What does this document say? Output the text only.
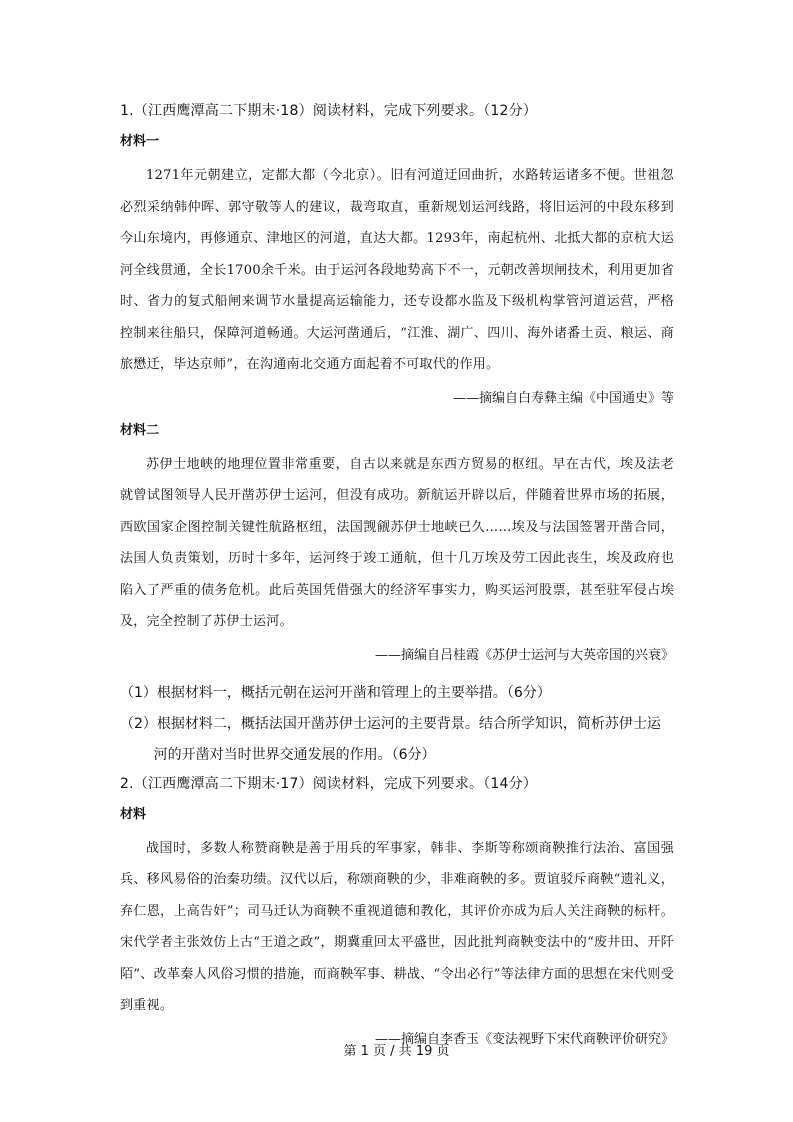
1.（江西鹰潭高二下期末·18）阅读材料，完成下列要求。（12分）

材料一

1271年元朝建立，定都大都（今北京）。旧有河道迂回曲折，水路转运诸多不便。世祖忽必烈采纳韩仲晖、郭守敬等人的建议，裁弯取直，重新规划运河线路，将旧运河的中段东移到今山东境内，再修通京、津地区的河道，直达大都。1293年，南起杭州、北抵大都的京杭大运河全线贯通，全长1700余千米。由于运河各段地势高下不一，元朝改善坝闸技术，利用更加省时、省力的复式船闸来调节水量提高运输能力，还专设都水监及下级机构掌管河道运营，严格控制来往船只，保障河道畅通。大运河凿通后，“江淮、湖广、四川、海外诸番土贡、粮运、商旅懋迁，毕达京师”，在沟通南北交通方面起着不可取代的作用。

——摘编自白寿彝主编《中国通史》等

材料二

苏伊士地峡的地理位置非常重要，自古以来就是东西方贸易的枢纽。早在古代，埃及法老就曾试图领导人民开凿苏伊士运河，但没有成功。新航运开辟以后，伴随着世界市场的拓展，西欧国家企图控制关键性航路枢纽，法国觊觎苏伊士地峡已久……埃及与法国签署开凿合同，法国人负责策划，历时十多年，运河终于竣工通航，但十几万埃及劳工因此丧生，埃及政府也陷入了严重的债务危机。此后英国凭借强大的经济军事实力，购买运河股票，甚至驻军侵占埃及，完全控制了苏伊士运河。

——摘编自吕桂霞《苏伊士运河与大英帝国的兴衰》

（1）根据材料一，概括元朝在运河开凿和管理上的主要举措。（6分）

（2）根据材料二，概括法国开凿苏伊士运河的主要背景。结合所学知识，简析苏伊士运河的开凿对当时世界交通发展的作用。（6分）

2.（江西鹰潭高二下期末·17）阅读材料，完成下列要求。（14分）

材料

战国时，多数人称赞商鞅是善于用兵的军事家，韩非、李斯等称颂商鞅推行法治、富国强兵、移风易俗的治秦功绩。汉代以后，称颂商鞅的少，非难商鞅的多。贾谊驳斥商鞅“遗礼义，弃仁恩，上高告奸”；司马迁认为商鞅不重视道德和教化，其评价亦成为后人关注商鞅的标杆。宋代学者主张效仿上古“王道之政”，期冀重回太平盛世，因此批判商鞅变法中的“废井田、开阡陌”、改革秦人风俗习惯的措施，而商鞅军事、耕战、“令出必行”等法律方面的思想在宋代则受到重视。

——摘编自李香玉《变法视野下宋代商鞅评价研究》

第 1 页 / 共 19 页
